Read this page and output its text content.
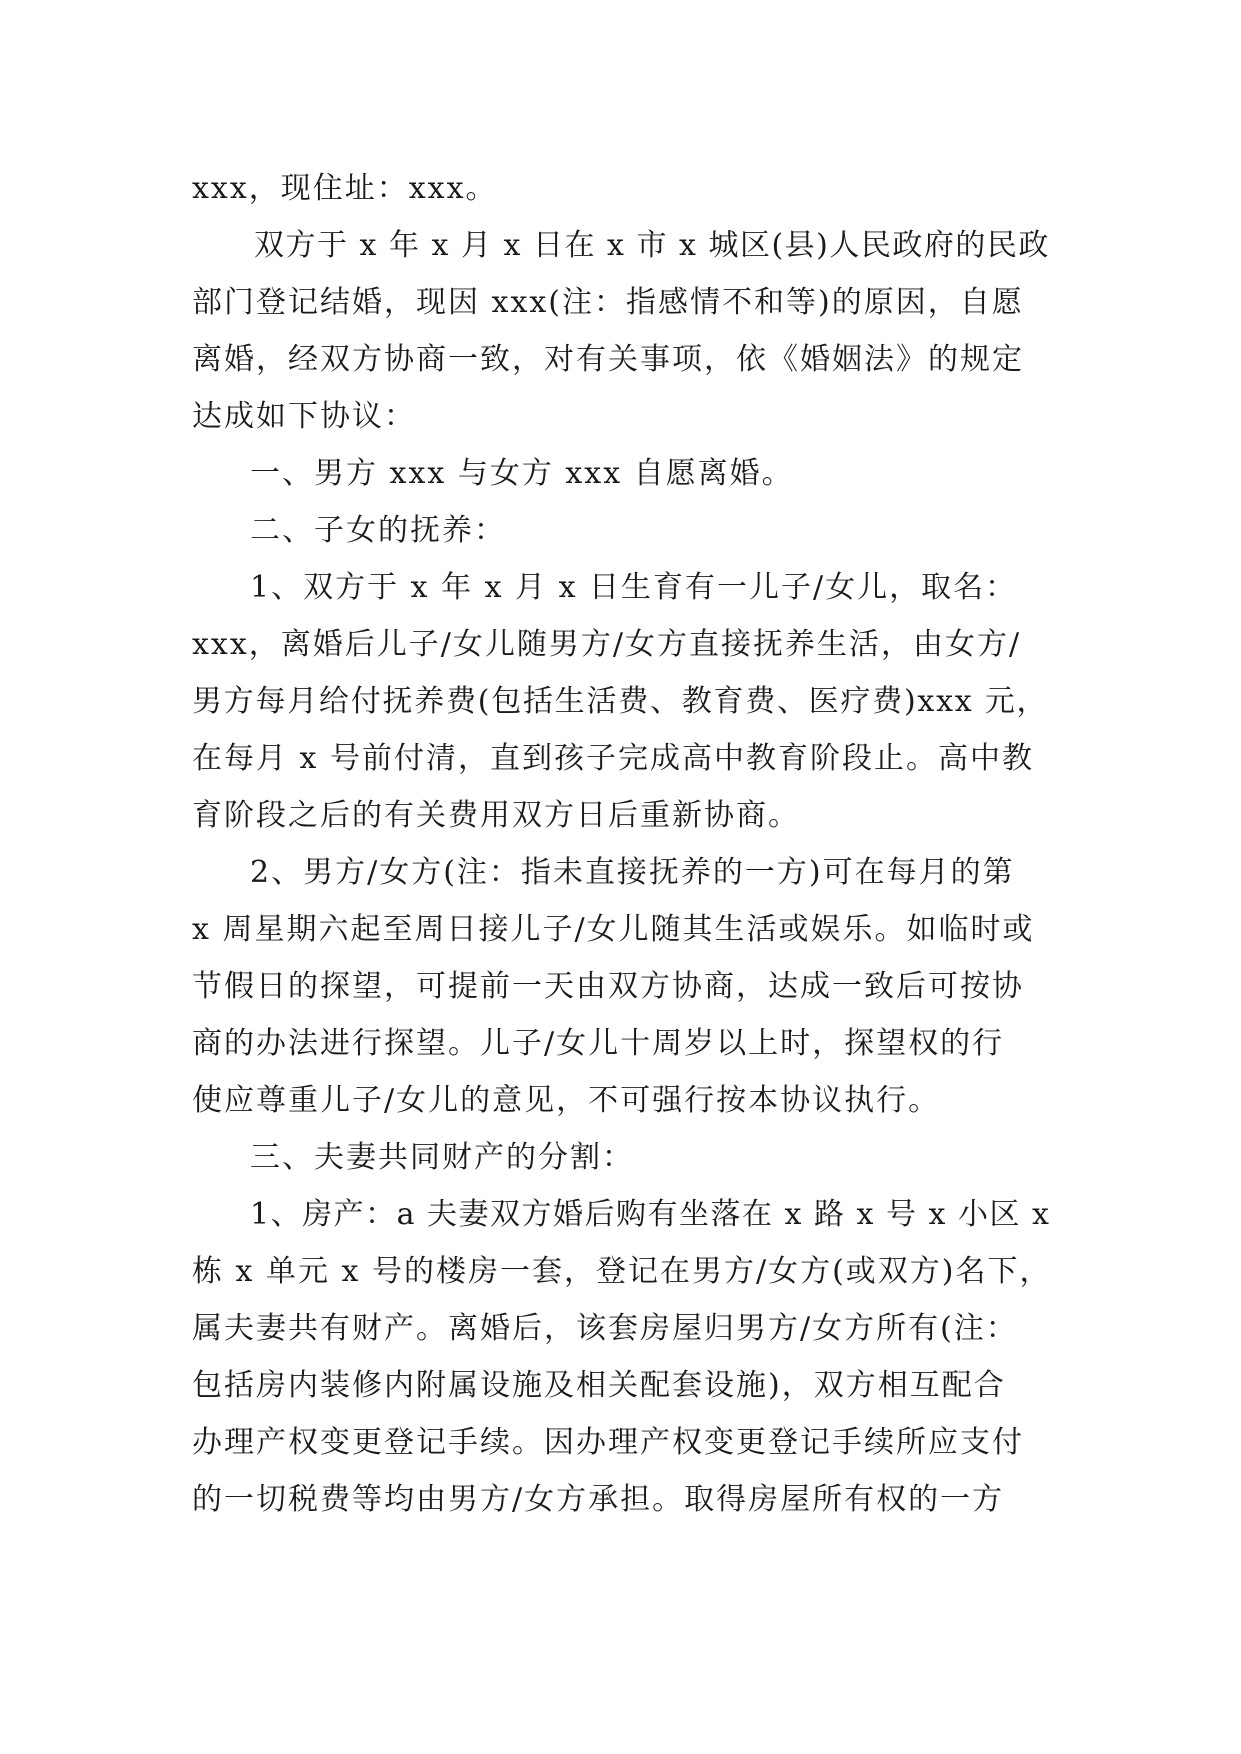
xxx，现住址：xxx。
双方于 x 年 x 月 x 日在 x 市 x 城区(县)人民政府的民政
部门登记结婚，现因 xxx(注：指感情不和等)的原因，自愿
离婚，经双方协商一致，对有关事项，依《婚姻法》的规定
达成如下协议：
一、男方 xxx 与女方 xxx 自愿离婚。
二、子女的抚养：
1、双方于 x 年 x 月 x 日生育有一儿子/女儿，取名：
xxx，离婚后儿子/女儿随男方/女方直接抚养生活，由女方/
男方每月给付抚养费(包括生活费、教育费、医疗费)xxx 元，
在每月 x 号前付清，直到孩子完成高中教育阶段止。高中教
育阶段之后的有关费用双方日后重新协商。
2、男方/女方(注：指未直接抚养的一方)可在每月的第
x 周星期六起至周日接儿子/女儿随其生活或娱乐。如临时或
节假日的探望，可提前一天由双方协商，达成一致后可按协
商的办法进行探望。儿子/女儿十周岁以上时，探望权的行
使应尊重儿子/女儿的意见，不可强行按本协议执行。
三、夫妻共同财产的分割：
1、房产：a 夫妻双方婚后购有坐落在 x 路 x 号 x 小区 x
栋 x 单元 x 号的楼房一套，登记在男方/女方(或双方)名下，
属夫妻共有财产。离婚后，该套房屋归男方/女方所有(注：
包括房内装修内附属设施及相关配套设施)，双方相互配合
办理产权变更登记手续。因办理产权变更登记手续所应支付
的一切税费等均由男方/女方承担。取得房屋所有权的一方
